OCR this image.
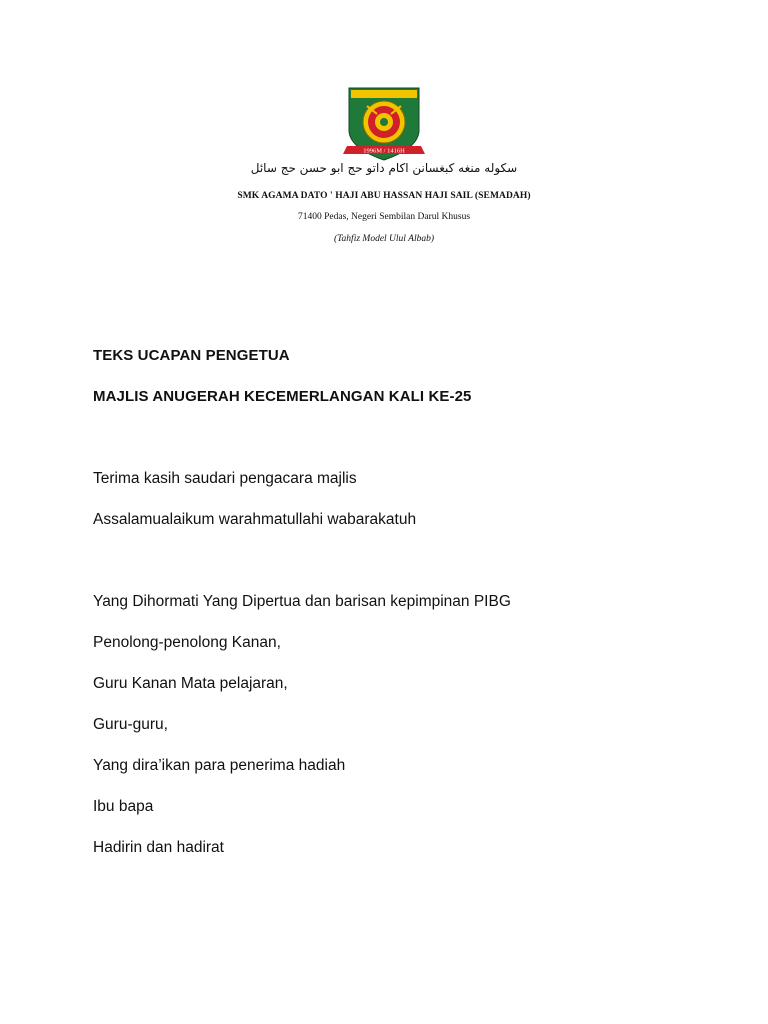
1996M / 1416H
سكوله منغه كبغسانن اكام داتو حج ابو حسن حج سائل
SMK AGAMA DATO ' HAJI ABU HASSAN HAJI SAIL (SEMADAH)
71400 Pedas, Negeri Sembilan Darul Khusus
(Tahfiz Model Ulul Albab)
TEKS UCAPAN PENGETUA
MAJLIS ANUGERAH KECEMERLANGAN KALI KE-25
Terima kasih saudari pengacara majlis
Assalamualaikum warahmatullahi wabarakatuh
Yang Dihormati Yang Dipertua dan barisan kepimpinan PIBG
Penolong-penolong Kanan,
Guru Kanan Mata pelajaran,
Guru-guru,
Yang dira’ikan para penerima hadiah
Ibu bapa
Hadirin dan hadirat
